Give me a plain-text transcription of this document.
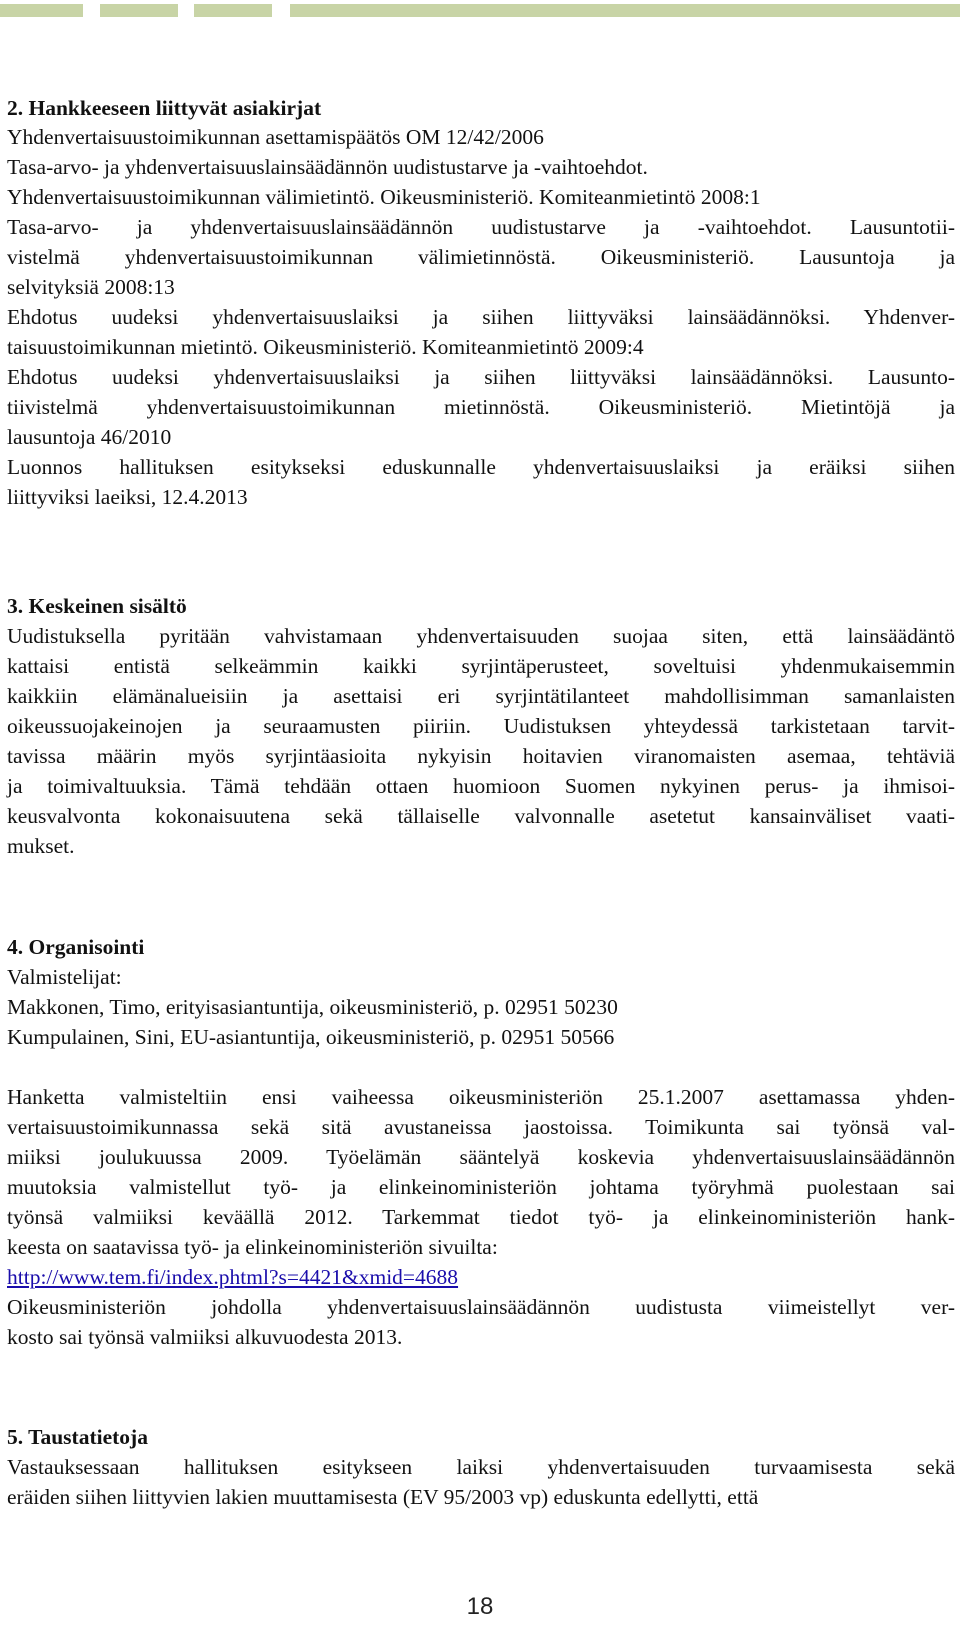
2. Hankkeeseen liittyvät asiakirjat
Yhdenvertaisuustoimikunnan asettamispäätös OM 12/42/2006
Tasa-arvo- ja yhdenvertaisuuslainsäädännön uudistustarve ja -vaihtoehdot.
Yhdenvertaisuustoimikunnan välimietintö. Oikeusministeriö. Komiteanmietintö 2008:1
Tasa-arvo- ja yhdenvertaisuuslainsäädännön uudistustarve ja -vaihtoehdot. Lausuntotii-
vistelmä yhdenvertaisuustoimikunnan välimietinnöstä. Oikeusministeriö. Lausuntoja ja
selvityksiä 2008:13
Ehdotus uudeksi yhdenvertaisuuslaiksi ja siihen liittyväksi lainsäädännöksi. Yhdenver-
taisuustoimikunnan mietintö. Oikeusministeriö. Komiteanmietintö 2009:4
Ehdotus uudeksi yhdenvertaisuuslaiksi ja siihen liittyväksi lainsäädännöksi. Lausunto-
tiivistelmä yhdenvertaisuustoimikunnan mietinnöstä. Oikeusministeriö. Mietintöjä ja
lausuntoja 46/2010
Luonnos hallituksen esitykseksi eduskunnalle yhdenvertaisuuslaiksi ja eräiksi siihen
liittyviksi laeiksi, 12.4.2013
3. Keskeinen sisältö
Uudistuksella pyritään vahvistamaan yhdenvertaisuuden suojaa siten, että lainsäädäntö
kattaisi entistä selkeämmin kaikki syrjintäperusteet, soveltuisi yhdenmukaisemmin
kaikkiin elämänalueisiin ja asettaisi eri syrjintätilanteet mahdollisimman samanlaisten
oikeussuojakeinojen ja seuraamusten piiriin. Uudistuksen yhteydessä tarkistetaan tarvit-
tavissa määrin myös syrjintäasioita nykyisin hoitavien viranomaisten asemaa, tehtäviä
ja toimivaltuuksia. Tämä tehdään ottaen huomioon Suomen nykyinen perus- ja ihmisoi-
keusvalvonta kokonaisuutena sekä tällaiselle valvonnalle asetetut kansainväliset vaati-
mukset.
4. Organisointi
Valmistelijat:
Makkonen, Timo, erityisasiantuntija, oikeusministeriö, p. 02951 50230
Kumpulainen, Sini, EU-asiantuntija, oikeusministeriö, p. 02951 50566
Hanketta valmisteltiin ensi vaiheessa oikeusministeriön 25.1.2007 asettamassa yhden-
vertaisuustoimikunnassa sekä sitä avustaneissa jaostoissa. Toimikunta sai työnsä val-
miiksi joulukuussa 2009. Työelämän sääntelyä koskevia yhdenvertaisuuslainsäädännön
muutoksia valmistellut työ- ja elinkeinoministeriön johtama työryhmä puolestaan sai
työnsä valmiiksi keväällä 2012. Tarkemmat tiedot työ- ja elinkeinoministeriön hank-
keesta on saatavissa työ- ja elinkeinoministeriön sivuilta:
http://www.tem.fi/index.phtml?s=4421&xmid=4688
Oikeusministeriön johdolla yhdenvertaisuuslainsäädännön uudistusta viimeistellyt ver-
kosto sai työnsä valmiiksi alkuvuodesta 2013.
5. Taustatietoja
Vastauksessaan hallituksen esitykseen laiksi yhdenvertaisuuden turvaamisesta sekä
eräiden siihen liittyvien lakien muuttamisesta (EV 95/2003 vp) eduskunta edellytti, että
18
